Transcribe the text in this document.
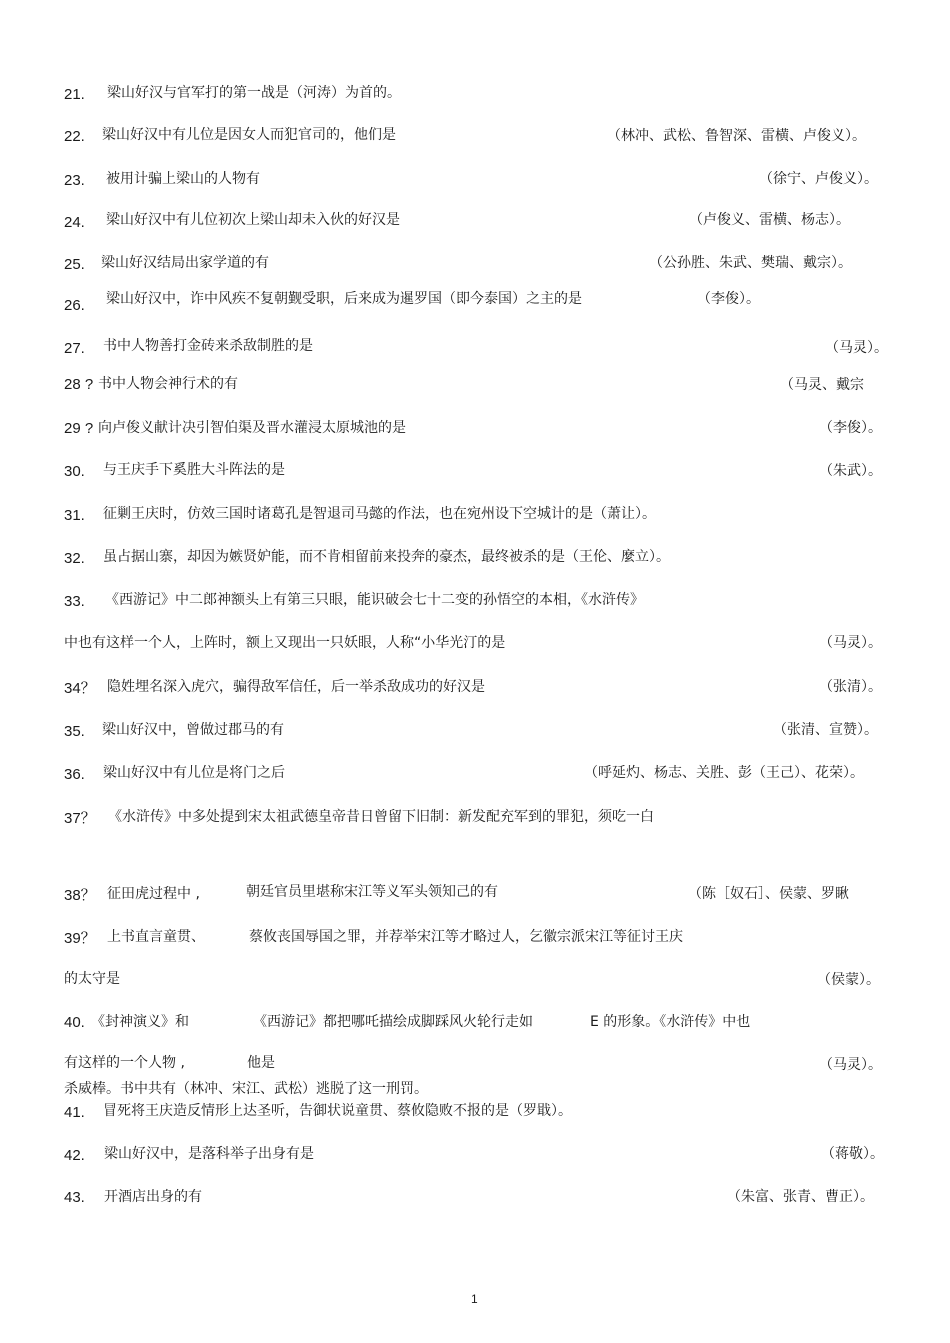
21. 梁山好汉与官军打的第一战是（河涛）为首的。
22. 梁山好汉中有儿位是因女人而犯官司的，他们是	（林冲、武松、鲁智深、雷横、卢俊义）。
23. 被用计骗上梁山的人物有	（徐宁、卢俊义）。
24. 梁山好汉中有儿位初次上梁山却未入伙的好汉是	（卢俊义、雷横、杨志）。
25. 梁山好汉结局出家学道的有	（公孙胜、朱武、樊瑞、戴宗）。
26. 梁山好汉中，诈中风疾不复朝觐受职，后来成为暹罗国（即今泰国）之主的是	（李俊）。
27. 书中人物善打金砖来杀敌制胜的是	（马灵）。
28 ? 书中人物会神行术的有	（马灵、戴宗
29 ? 向卢俊义献计决引智伯渠及晋水灌浸太原城池的是	（李俊）。
30. 与王庆手下奚胜大斗阵法的是	（朱武）。
31. 征剿王庆时，仿效三国时诸葛孔是智退司马懿的作法，也在宛州设下空城计的是（萧让）。
32. 虽占据山寨，却因为嫉贤妒能，而不肯相留前来投奔的豪杰，最终被杀的是（王伦、麼立）。
33. 《西游记》中二郎神额头上有第三只眼，能识破会七十二变的孙悟空的本相，《水浒传》
中也有这样一个人，上阵时，额上又现出一只妖眼，人称“小华光汀的是	（马灵）。
34？ 隐姓埋名深入虎穴，骗得敌军信任，后一举杀敌成功的好汉是	（张清）。
35. 梁山好汉中，曾做过郡马的有	（张清、宣赞）。
36. 梁山好汉中有儿位是将门之后	（呼延灼、杨志、关胜、彭（王己）、花荣）。
37？ 《水浒传》中多处提到宋太祖武德皇帝昔日曾留下旧制：新发配充军到的罪犯，须吃一白
38？ 征田虎过程中 ,	朝廷官员里堪称宋江等义军头领知己的有	（陈［奴石］、侯蒙、罗瞅
39？ 上书直言童贯、	蔡攸丧国辱国之罪，并荐举宋江等才略过人，乞徽宗派宋江等征讨王庆
的太守是	（侯蒙）。
40. 《封神演义》和	《西游记》都把哪吒描绘成脚踩风火轮行走如	E 的形象。《水浒传》中也
有这样的一个人物 ,	他是	（马灵）。
杀威棒。书中共有（林冲、宋江、武松）逃脱了这一刑罚。
41. 冒死将王庆造反情形上达圣听，告御状说童贯、蔡攸隐败不报的是（罗戢）。
42. 梁山好汉中，是落科举子出身有是	（蒋敬）。
43. 开酒店出身的有	（朱富、张青、曹正）。
1
